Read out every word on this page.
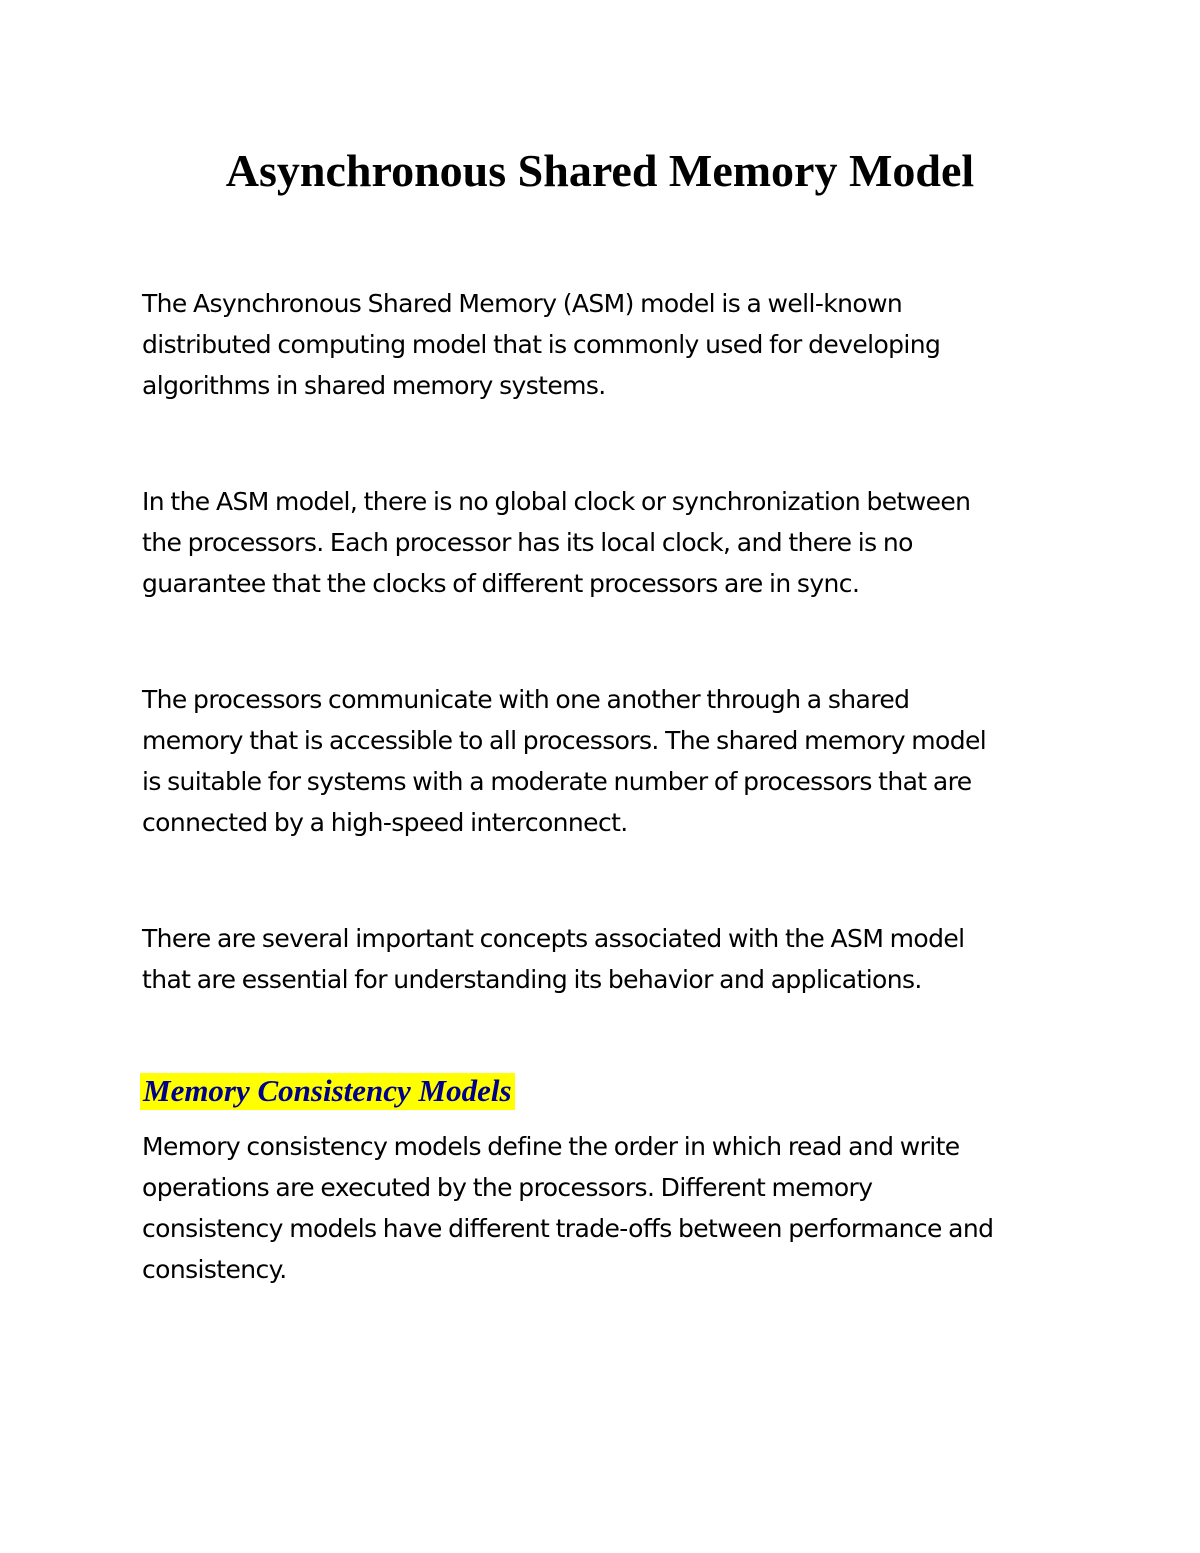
Asynchronous Shared Memory Model

The Asynchronous Shared Memory (ASM) model is a well-known
distributed computing model that is commonly used for developing
algorithms in shared memory systems.

In the ASM model, there is no global clock or synchronization between
the processors. Each processor has its local clock, and there is no
guarantee that the clocks of different processors are in sync.

The processors communicate with one another through a shared
memory that is accessible to all processors. The shared memory model
is suitable for systems with a moderate number of processors that are
connected by a high-speed interconnect.

There are several important concepts associated with the ASM model
that are essential for understanding its behavior and applications.

Memory Consistency Models

Memory consistency models define the order in which read and write
operations are executed by the processors. Different memory
consistency models have different trade-offs between performance and
consistency.
